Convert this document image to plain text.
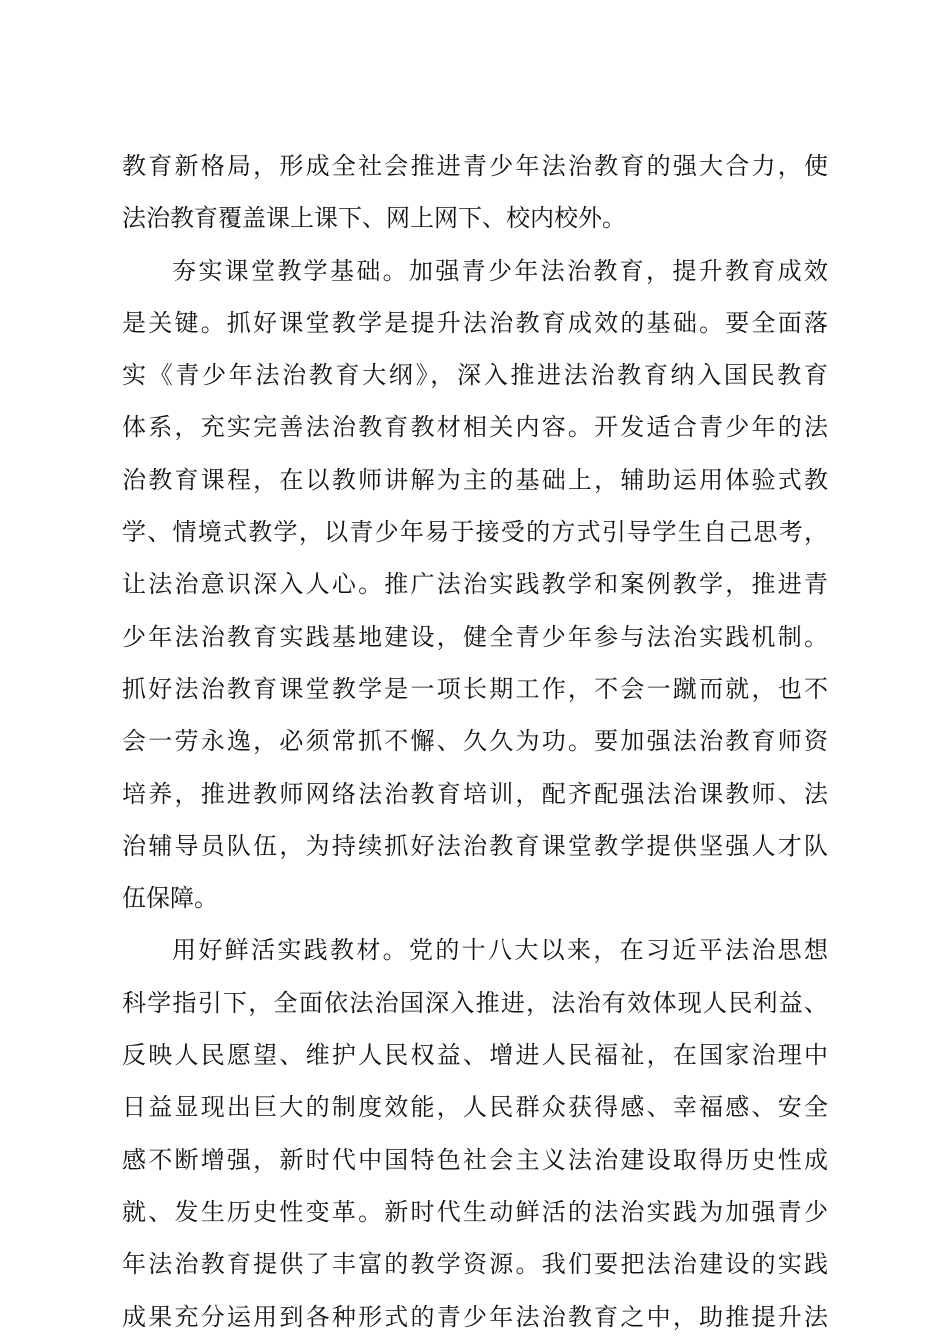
教育新格局，形成全社会推进青少年法治教育的强大合力，使
法治教育覆盖课上课下、网上网下、校内校外。
夯实课堂教学基础。加强青少年法治教育，提升教育成效
是关键。抓好课堂教学是提升法治教育成效的基础。要全面落
实《青少年法治教育大纲》，深入推进法治教育纳入国民教育
体系，充实完善法治教育教材相关内容。开发适合青少年的法
治教育课程，在以教师讲解为主的基础上，辅助运用体验式教
学、情境式教学，以青少年易于接受的方式引导学生自己思考，
让法治意识深入人心。推广法治实践教学和案例教学，推进青
少年法治教育实践基地建设，健全青少年参与法治实践机制。
抓好法治教育课堂教学是一项长期工作，不会一蹴而就，也不
会一劳永逸，必须常抓不懈、久久为功。要加强法治教育师资
培养，推进教师网络法治教育培训，配齐配强法治课教师、法
治辅导员队伍，为持续抓好法治教育课堂教学提供坚强人才队
伍保障。
用好鲜活实践教材。党的十八大以来，在习近平法治思想
科学指引下，全面依法治国深入推进，法治有效体现人民利益、
反映人民愿望、维护人民权益、增进人民福祉，在国家治理中
日益显现出巨大的制度效能，人民群众获得感、幸福感、安全
感不断增强，新时代中国特色社会主义法治建设取得历史性成
就、发生历史性变革。新时代生动鲜活的法治实践为加强青少
年法治教育提供了丰富的教学资源。我们要把法治建设的实践
成果充分运用到各种形式的青少年法治教育之中，助推提升法
